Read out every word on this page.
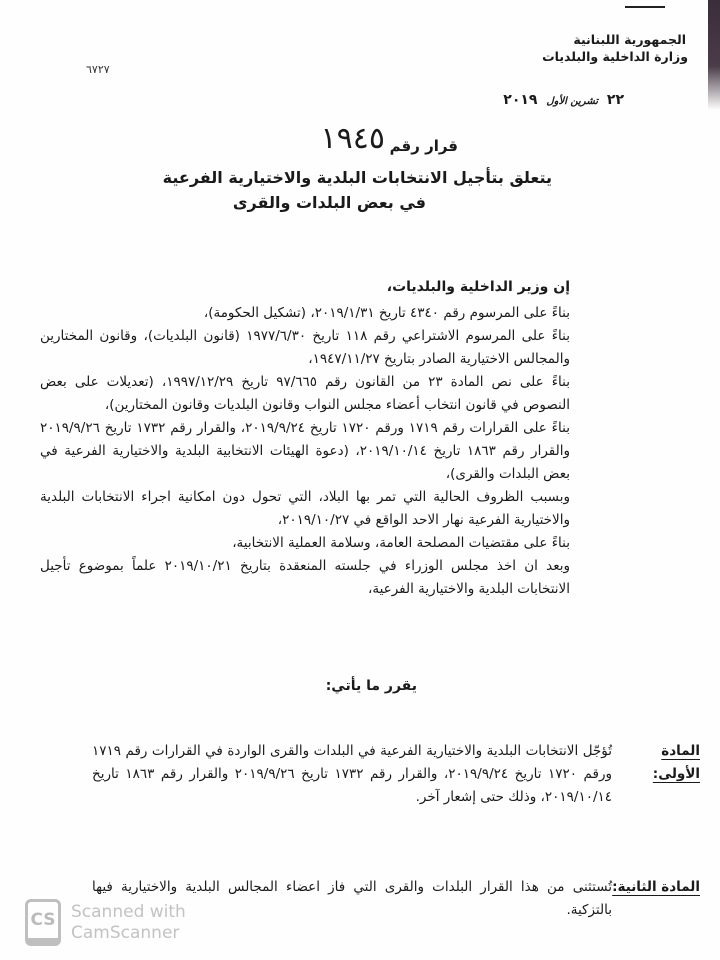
الجمهورية اللبنانية
وزارة الداخلية والبلديات
٦٧٢٧
٢٢ تشرين الأول ٢٠١٩
قرار رقم
١٩٤٥
يتعلق بتأجيل الانتخابات البلدية والاختيارية الفرعية
في بعض البلدات والقرى
إن وزير الداخلية والبلديات،
بناءً على المرسوم رقم ٤٣٤٠ تاريخ ٢٠١٩/١/٣١، (تشكيل الحكومة)،
بناءً على المرسوم الاشتراعي رقم ١١٨ تاريخ ١٩٧٧/٦/٣٠ (قانون البلديات)، وقانون المختارين والمجالس الاختيارية الصادر بتاريخ ١٩٤٧/١١/٢٧،
بناءً على نص المادة ٢٣ من القانون رقم ٩٧/٦٦٥ تاريخ ١٩٩٧/١٢/٢٩، (تعديلات على بعض النصوص في قانون انتخاب أعضاء مجلس النواب وقانون البلديات وقانون المختارين)،
بناءً على القرارات رقم ١٧١٩ ورقم ١٧٢٠ تاريخ ٢٠١٩/٩/٢٤، والقرار رقم ١٧٣٢ تاريخ ٢٠١٩/٩/٢٦ والقرار رقم ١٨٦٣ تاريخ ٢٠١٩/١٠/١٤، (دعوة الهيئات الانتخابية البلدية والاختيارية الفرعية في بعض البلدات والقرى)،
وبسبب الظروف الحالية التي تمر بها البلاد، التي تحول دون امكانية اجراء الانتخابات البلدية والاختيارية الفرعية نهار الاحد الواقع في ٢٠١٩/١٠/٢٧،
بناءً على مقتضيات المصلحة العامة، وسلامة العملية الانتخابية،
وبعد ان اخذ مجلس الوزراء في جلسته المنعقدة بتاريخ ٢٠١٩/١٠/٢١ علماً بموضوع تأجيل الانتخابات البلدية والاختيارية الفرعية،
يقرر ما يأتي:
المادة الأولى:
تُؤجّل الانتخابات البلدية والاختيارية الفرعية في البلدات والقرى الواردة في القرارات رقم ١٧١٩ ورقم ١٧٢٠ تاريخ ٢٠١٩/٩/٢٤، والقرار رقم ١٧٣٢ تاريخ ٢٠١٩/٩/٢٦ والقرار رقم ١٨٦٣ تاريخ ٢٠١٩/١٠/١٤، وذلك حتى إشعار آخر.
المادة الثانية:
تُستثنى من هذا القرار البلدات والقرى التي فاز اعضاء المجالس البلدية والاختيارية فيها بالتزكية.
CS Scanned with
CamScanner
